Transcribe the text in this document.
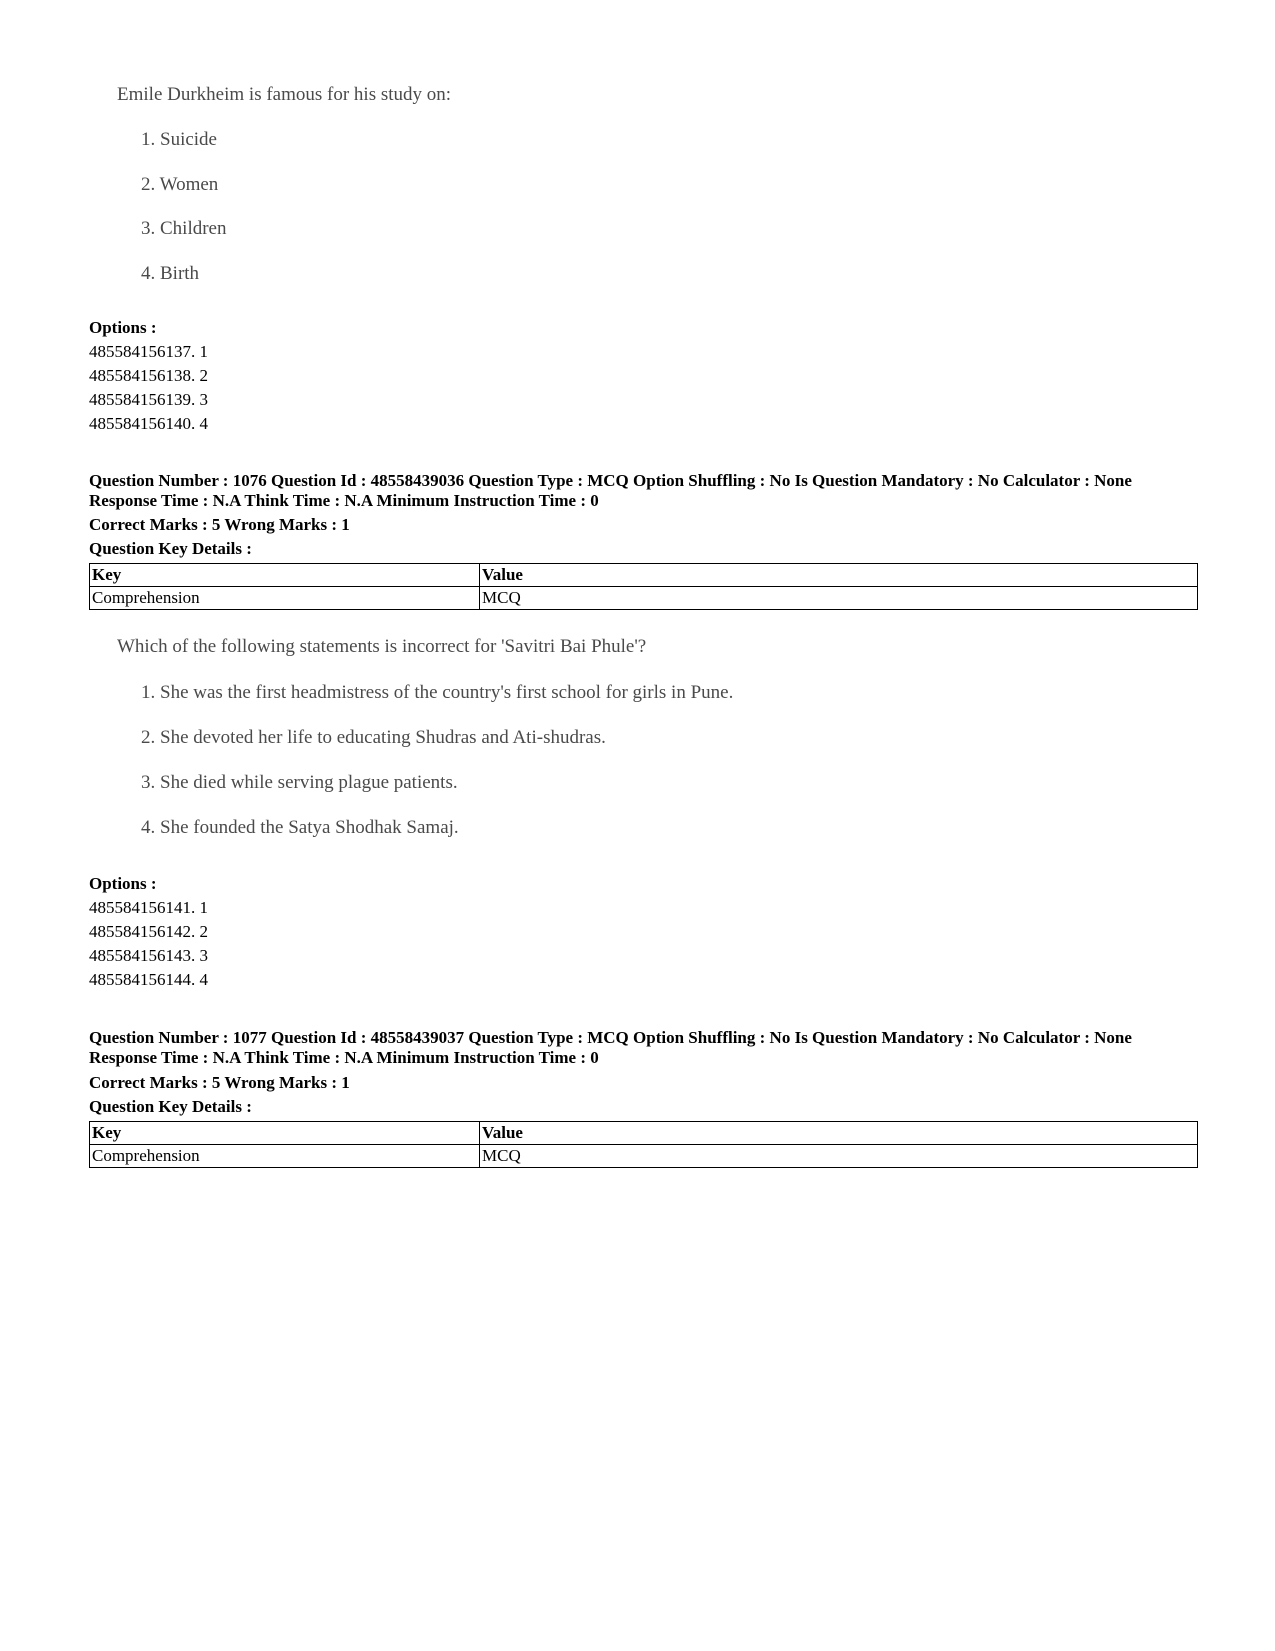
Emile Durkheim is famous for his study on:
1. Suicide
2. Women
3. Children
4. Birth
Options :
485584156137. 1
485584156138. 2
485584156139. 3
485584156140. 4
Question Number : 1076 Question Id : 48558439036 Question Type : MCQ Option Shuffling : No Is Question Mandatory : No Calculator : None
Response Time : N.A Think Time : N.A Minimum Instruction Time : 0
Correct Marks : 5 Wrong Marks : 1
Question Key Details :
Key	Value
Comprehension	MCQ
Which of the following statements is incorrect for 'Savitri Bai Phule'?
1. She was the first headmistress of the country's first school for girls in Pune.
2. She devoted her life to educating Shudras and Ati-shudras.
3. She died while serving plague patients.
4. She founded the Satya Shodhak Samaj.
Options :
485584156141. 1
485584156142. 2
485584156143. 3
485584156144. 4
Question Number : 1077 Question Id : 48558439037 Question Type : MCQ Option Shuffling : No Is Question Mandatory : No Calculator : None
Response Time : N.A Think Time : N.A Minimum Instruction Time : 0
Correct Marks : 5 Wrong Marks : 1
Question Key Details :
Key	Value
Comprehension	MCQ
